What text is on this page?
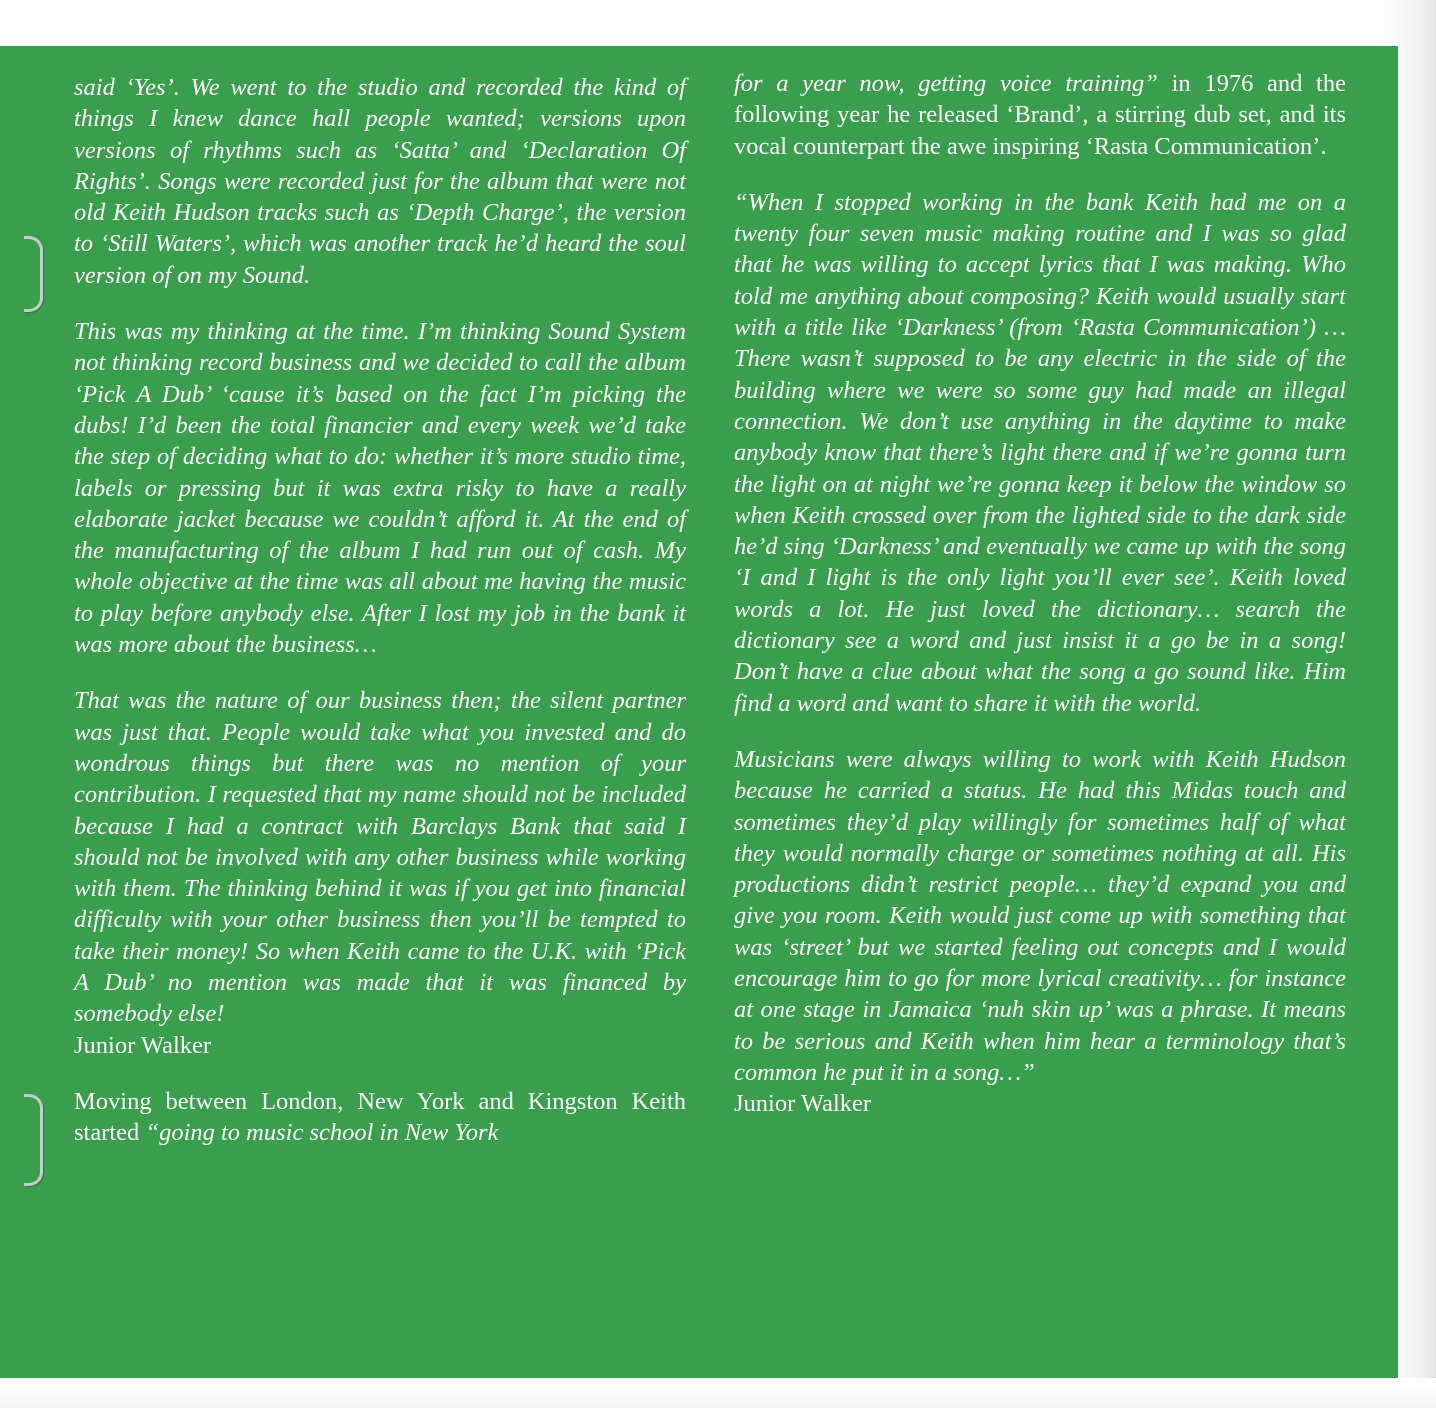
said ‘Yes’. We went to the studio and recorded the kind of things I knew dance hall people wanted; versions upon versions of rhythms such as ‘Satta’ and ‘Declaration Of Rights’. Songs were recorded just for the album that were not old Keith Hudson tracks such as ‘Depth Charge’, the version to ‘Still Waters’, which was another track he’d heard the soul version of on my Sound.

This was my thinking at the time. I’m thinking Sound System not thinking record business and we decided to call the album ‘Pick A Dub’ ‘cause it’s based on the fact I’m picking the dubs! I’d been the total financier and every week we’d take the step of deciding what to do: whether it’s more studio time, labels or pressing but it was extra risky to have a really elaborate jacket because we couldn’t afford it. At the end of the manufacturing of the album I had run out of cash. My whole objective at the time was all about me having the music to play before anybody else. After I lost my job in the bank it was more about the business…

That was the nature of our business then; the silent partner was just that. People would take what you invested and do wondrous things but there was no mention of your contribution. I requested that my name should not be included because I had a contract with Barclays Bank that said I should not be involved with any other business while working with them. The thinking behind it was if you get into financial difficulty with your other business then you’ll be tempted to take their money! So when Keith came to the U.K. with ‘Pick A Dub’ no mention was made that it was financed by somebody else!

Junior Walker

Moving between London, New York and Kingston Keith started “going to music school in New York

for a year now, getting voice training” in 1976 and the following year he released ‘Brand’, a stirring dub set, and its vocal counterpart the awe inspiring ‘Rasta Communication’.

“When I stopped working in the bank Keith had me on a twenty four seven music making routine and I was so glad that he was willing to accept lyrics that I was making. Who told me anything about composing? Keith would usually start with a title like ‘Darkness’ (from ‘Rasta Communication’) … There wasn’t supposed to be any electric in the side of the building where we were so some guy had made an illegal connection. We don’t use anything in the daytime to make anybody know that there’s light there and if we’re gonna turn the light on at night we’re gonna keep it below the window so when Keith crossed over from the lighted side to the dark side he’d sing ‘Darkness’ and eventually we came up with the song ‘I and I light is the only light you’ll ever see’. Keith loved words a lot. He just loved the dictionary… search the dictionary see a word and just insist it a go be in a song! Don’t have a clue about what the song a go sound like. Him find a word and want to share it with the world.

Musicians were always willing to work with Keith Hudson because he carried a status. He had this Midas touch and sometimes they’d play willingly for sometimes half of what they would normally charge or sometimes nothing at all. His productions didn’t restrict people… they’d expand you and give you room. Keith would just come up with something that was ‘street’ but we started feeling out concepts and I would encourage him to go for more lyrical creativity… for instance at one stage in Jamaica ‘nuh skin up’ was a phrase. It means to be serious and Keith when him hear a terminology that’s common he put it in a song…”

Junior Walker
